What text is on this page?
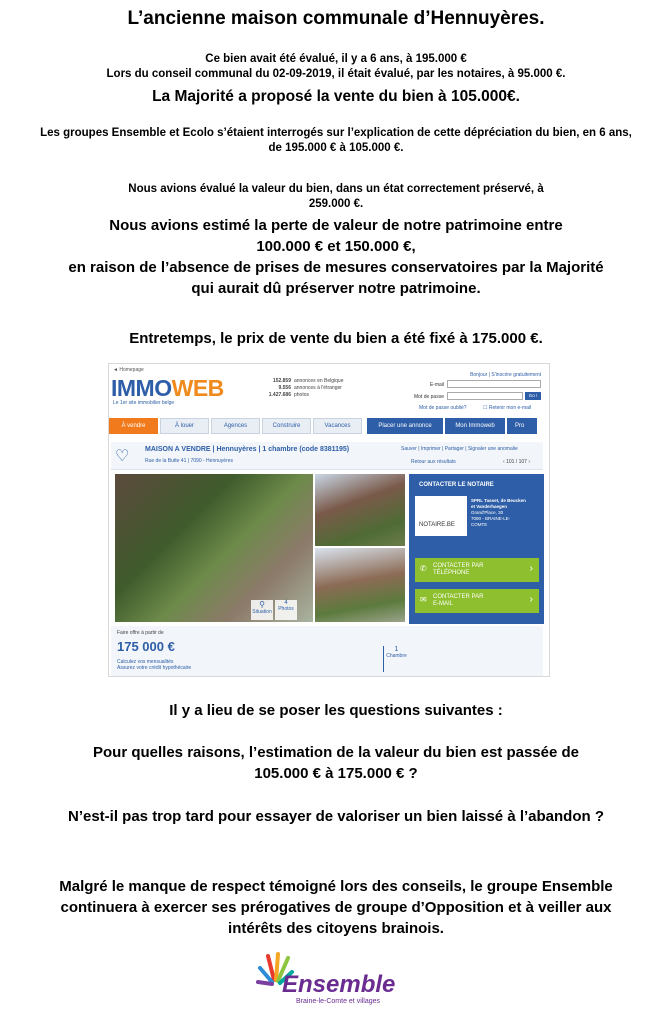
L’ancienne maison communale d’Hennuyères.
Ce bien avait été évalué, il y a 6 ans, à 195.000 €
Lors du conseil communal du 02-09-2019, il était évalué, par les notaires, à 95.000 €.
La Majorité a proposé la vente du bien à 105.000€.
Les groupes Ensemble et Ecolo s’étaient interrogés sur l’explication de cette dépréciation du bien, en 6 ans,
de 195.000 € à 105.000 €.
Nous avions évalué la valeur du bien, dans un état correctement préservé, à
259.000 €.
Nous avions estimé la perte de valeur de notre patrimoine entre
100.000 € et 150.000 €,
en raison de l’absence de prises de mesures conservatoires par la Majorité
qui aurait dû préserver notre patrimoine.
Entretemps, le prix de vente du bien a été fixé à 175.000 €.
◄ Homepage
IMMOWEB
Le 1er site immobilier belge
152.859 annonces en Belgique
9.556 annonces à l'étranger
1.427.686 photos
Bonjour | S'inscrire gratuitement
E-mail
Mot de passe	Go !
Mot de passe oublié?	☐ Retenir mon e-mail
À vendre	À louer	Agences	Construire	Vacances	Placer une annonce	Mon Immoweb	Pro
♡ MAISON A VENDRE | Hennuyères | 1 chambre (code 8381195)
Rue de la Butte 41 | 7090 - Hennuyères
Sauver | Imprimer | Partager | Signaler une anomalie
Retour aux résultats	‹ 101 / 107 ›
⚲
Situation
4
Photos
CONTACTER LE NOTAIRE
NOTAIRE.BE
SPRL Tasset, de Beucken
et Vanderhaegen
Grand'Place, 30
7090 - BRAINE-LE-
COMTE
✆ CONTACTER PAR
TÉLÉPHONE	›
✉ CONTACTER PAR
E-MAIL	›
Faire offre à partir de
175 000 €
Calculez vos mensualités
Assurez votre crédit hypothécaire
1
Chambre
Il y a lieu de se poser les questions suivantes :
Pour quelles raisons, l’estimation de la valeur du bien est passée de
105.000 € à 175.000 € ?
N’est-il pas trop tard pour essayer de valoriser un bien laissé à l’abandon ?
Malgré le manque de respect témoigné lors des conseils, le groupe Ensemble
continuera à exercer ses prérogatives de groupe d’Opposition et à veiller aux
intérêts des citoyens brainois.
Ensemble
Braine-le-Comte et villages
